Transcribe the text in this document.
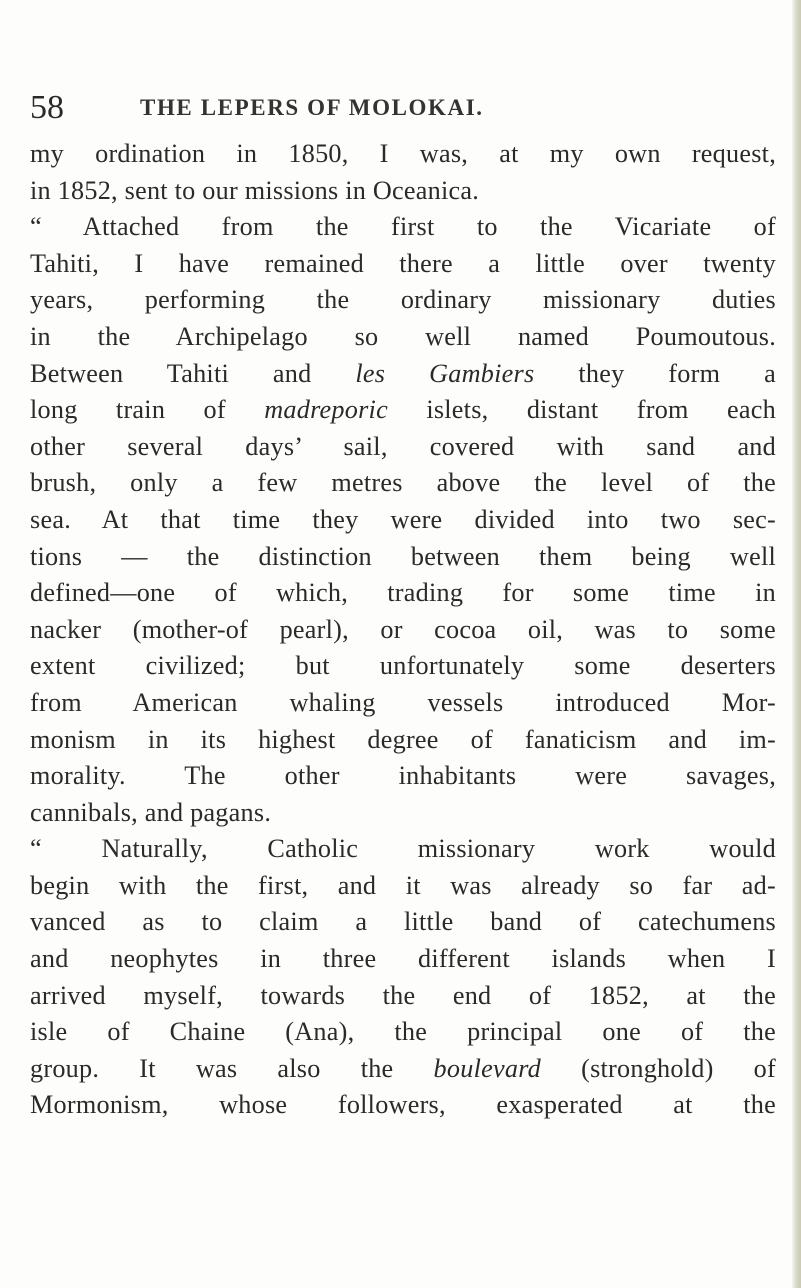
58	THE LEPERS OF MOLOKAI.
my ordination in 1850, I was, at my own request,
in 1852, sent to our missions in Oceanica.
“ Attached from the first to the Vicariate of
Tahiti, I have remained there a little over twenty
years, performing the ordinary missionary duties
in the Archipelago so well named Poumoutous.
Between Tahiti and les Gambiers they form a
long train of madreporic islets, distant from each
other several days’ sail, covered with sand and
brush, only a few metres above the level of the
sea. At that time they were divided into two sec-
tions — the distinction between them being well
defined—one of which, trading for some time in
nacker (mother-of pearl), or cocoa oil, was to some
extent civilized; but unfortunately some deserters
from American whaling vessels introduced Mor-
monism in its highest degree of fanaticism and im-
morality. The other inhabitants were savages,
cannibals, and pagans.
“ Naturally, Catholic missionary work would
begin with the first, and it was already so far ad-
vanced as to claim a little band of catechumens
and neophytes in three different islands when I
arrived myself, towards the end of 1852, at the
isle of Chaine (Ana), the principal one of the
group. It was also the boulevard (stronghold) of
Mormonism, whose followers, exasperated at the
